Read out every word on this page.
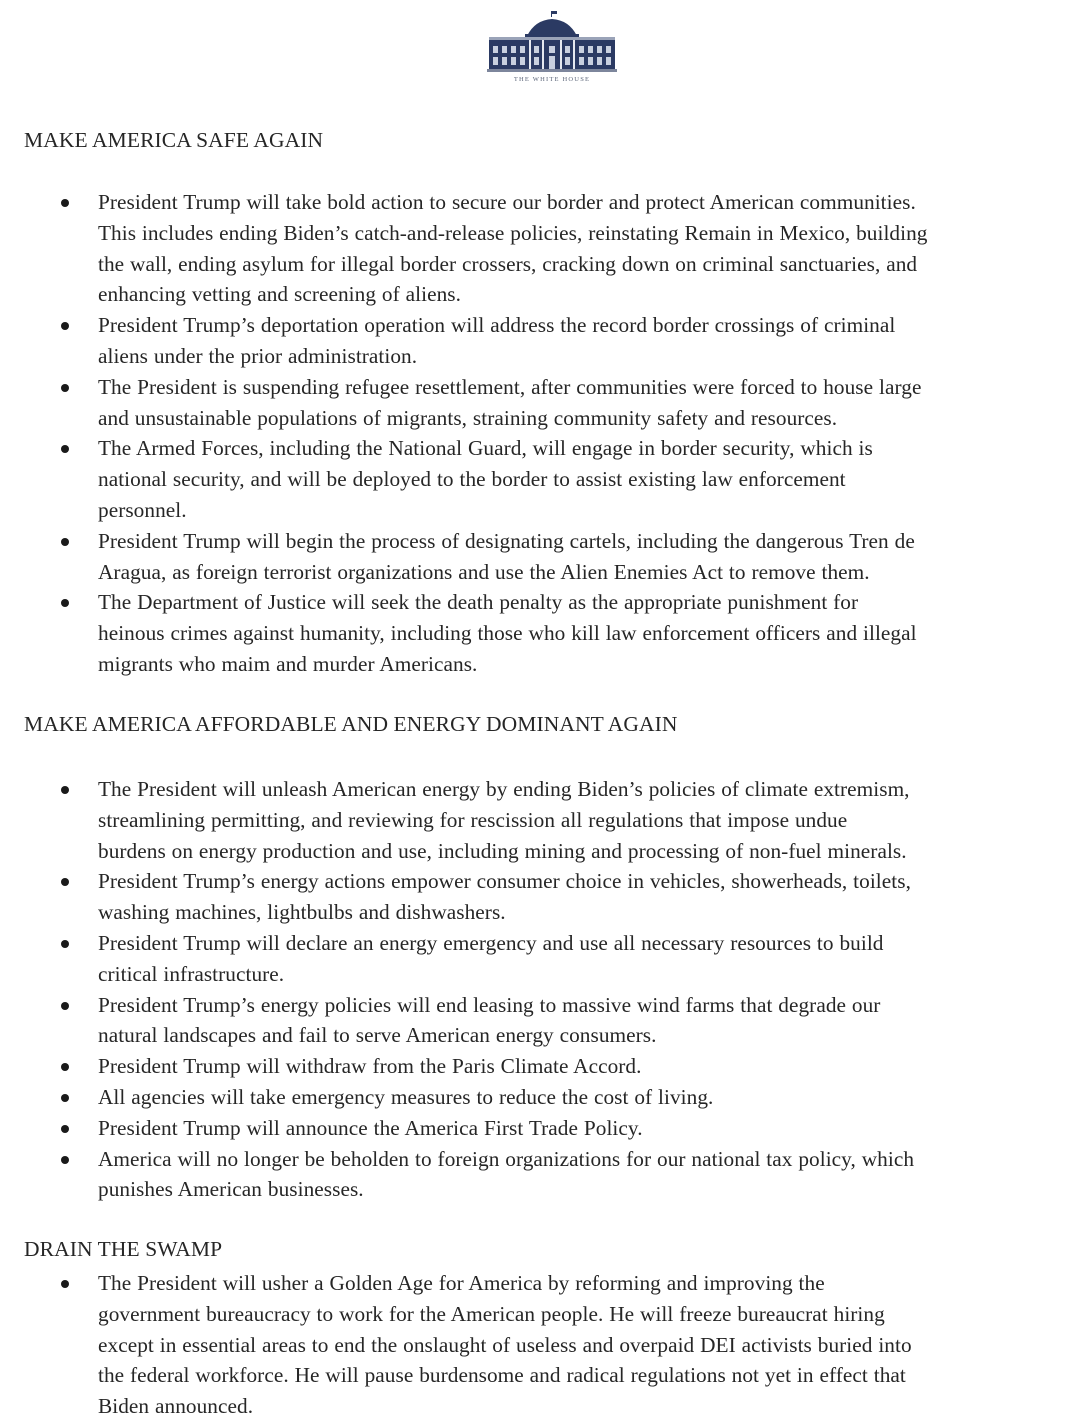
THE WHITE HOUSE
MAKE AMERICA SAFE AGAIN
President Trump will take bold action to secure our border and protect American communities.
This includes ending Biden’s catch-and-release policies, reinstating Remain in Mexico, building
the wall, ending asylum for illegal border crossers, cracking down on criminal sanctuaries, and
enhancing vetting and screening of aliens.
President Trump’s deportation operation will address the record border crossings of criminal
aliens under the prior administration.
The President is suspending refugee resettlement, after communities were forced to house large
and unsustainable populations of migrants, straining community safety and resources.
The Armed Forces, including the National Guard, will engage in border security, which is
national security, and will be deployed to the border to assist existing law enforcement
personnel.
President Trump will begin the process of designating cartels, including the dangerous Tren de
Aragua, as foreign terrorist organizations and use the Alien Enemies Act to remove them.
The Department of Justice will seek the death penalty as the appropriate punishment for
heinous crimes against humanity, including those who kill law enforcement officers and illegal
migrants who maim and murder Americans.
MAKE AMERICA AFFORDABLE AND ENERGY DOMINANT AGAIN
The President will unleash American energy by ending Biden’s policies of climate extremism,
streamlining permitting, and reviewing for rescission all regulations that impose undue
burdens on energy production and use, including mining and processing of non-fuel minerals.
President Trump’s energy actions empower consumer choice in vehicles, showerheads, toilets,
washing machines, lightbulbs and dishwashers.
President Trump will declare an energy emergency and use all necessary resources to build
critical infrastructure.
President Trump’s energy policies will end leasing to massive wind farms that degrade our
natural landscapes and fail to serve American energy consumers.
President Trump will withdraw from the Paris Climate Accord.
All agencies will take emergency measures to reduce the cost of living.
President Trump will announce the America First Trade Policy.
America will no longer be beholden to foreign organizations for our national tax policy, which
punishes American businesses.
DRAIN THE SWAMP
The President will usher a Golden Age for America by reforming and improving the
government bureaucracy to work for the American people. He will freeze bureaucrat hiring
except in essential areas to end the onslaught of useless and overpaid DEI activists buried into
the federal workforce. He will pause burdensome and radical regulations not yet in effect that
Biden announced.
